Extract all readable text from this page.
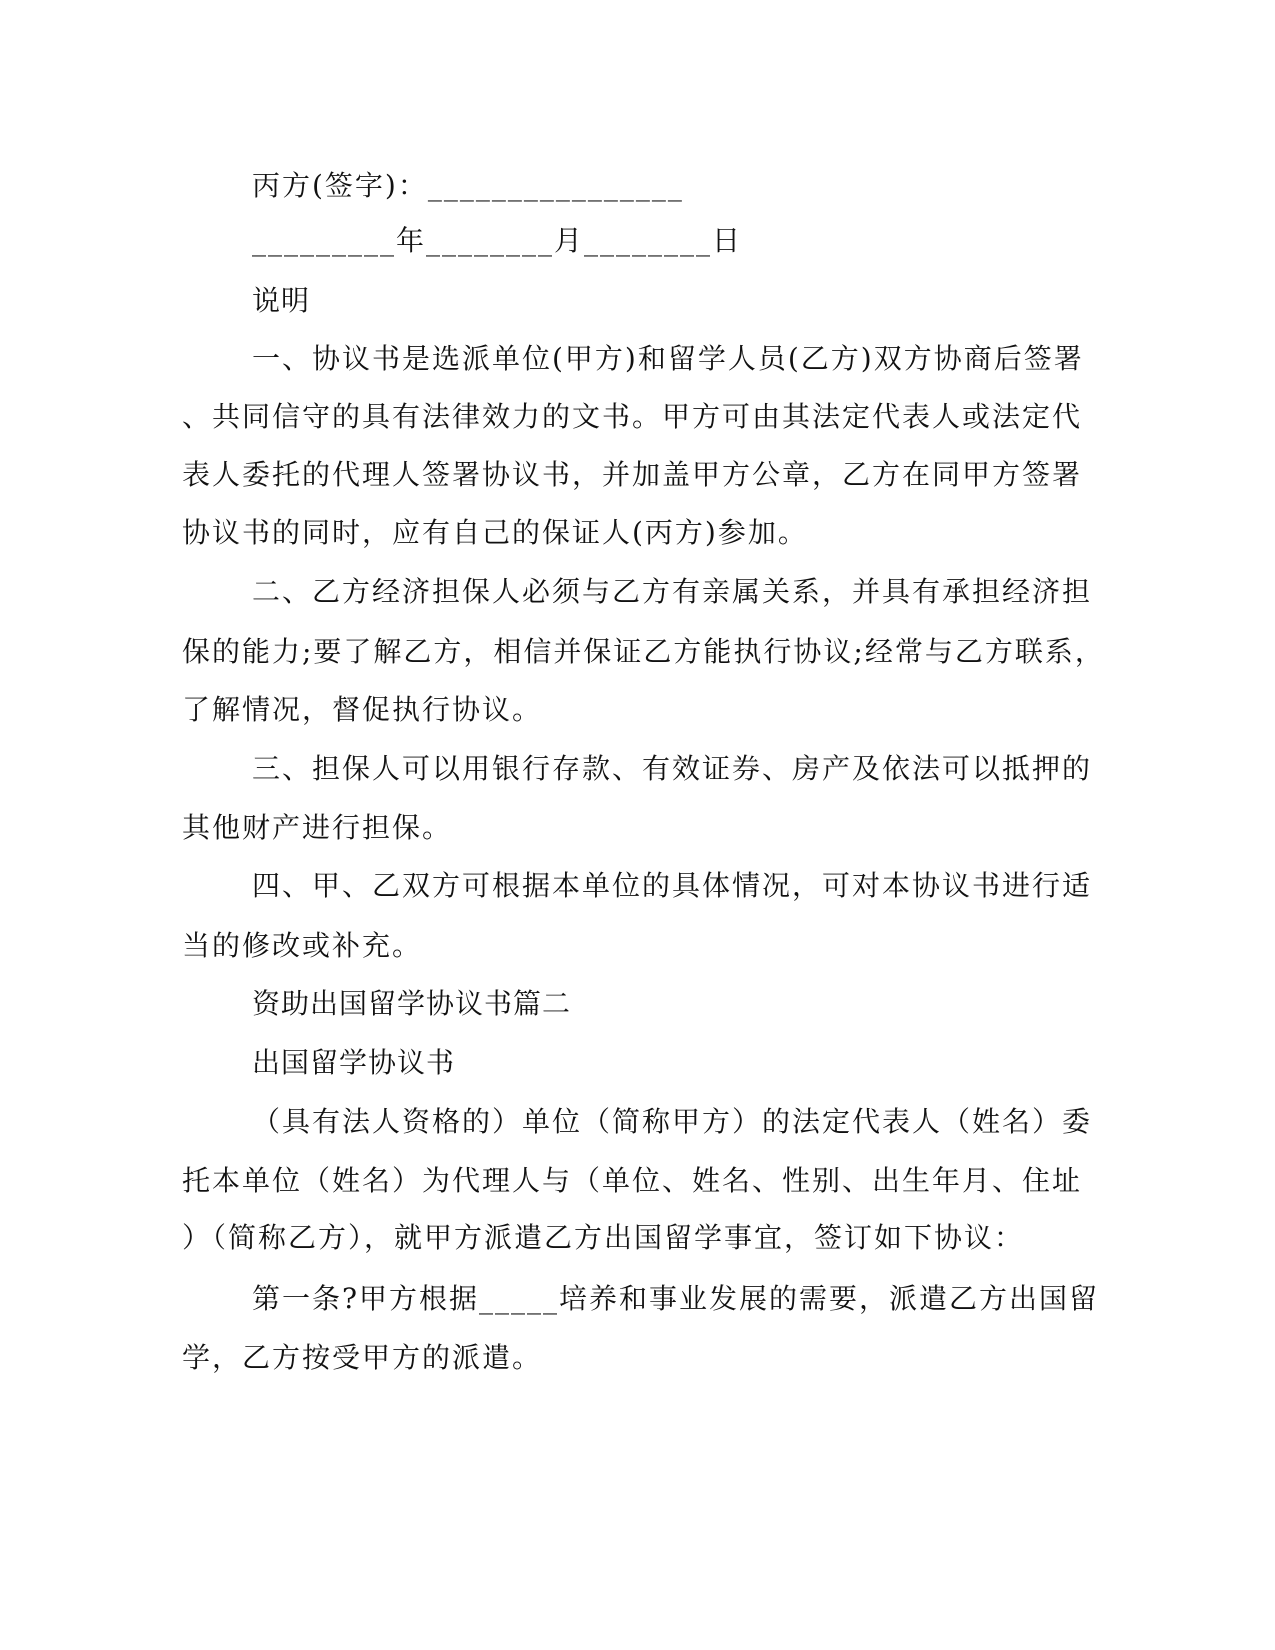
丙方(签字)：________________
_________年________月________日
说明
一、协议书是选派单位(甲方)和留学人员(乙方)双方协商后签署
、共同信守的具有法律效力的文书。甲方可由其法定代表人或法定代
表人委托的代理人签署协议书，并加盖甲方公章，乙方在同甲方签署
协议书的同时，应有自己的保证人(丙方)参加。
二、乙方经济担保人必须与乙方有亲属关系，并具有承担经济担
保的能力;要了解乙方，相信并保证乙方能执行协议;经常与乙方联系，
了解情况，督促执行协议。
三、担保人可以用银行存款、有效证券、房产及依法可以抵押的
其他财产进行担保。
四、甲、乙双方可根据本单位的具体情况，可对本协议书进行适
当的修改或补充。
资助出国留学协议书篇二
出国留学协议书
（具有法人资格的）单位（简称甲方）的法定代表人（姓名）委
托本单位（姓名）为代理人与（单位、姓名、性别、出生年月、住址
）（简称乙方），就甲方派遣乙方出国留学事宜，签订如下协议：
第一条?甲方根据_____培养和事业发展的需要，派遣乙方出国留
学，乙方按受甲方的派遣。
